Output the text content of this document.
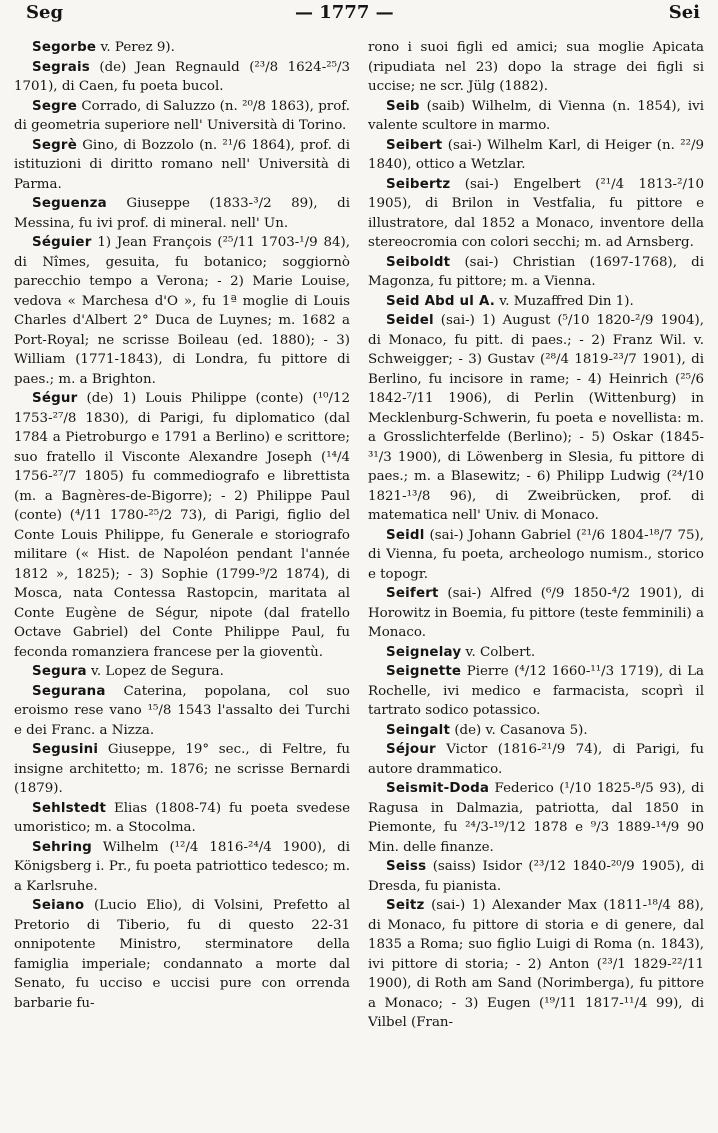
Seg	— 1777 —	Sei

Segorbe v. Perez 9).

Segrais (de) Jean Regnauld (²³/8 1624-²⁵/3 1701), di Caen, fu poeta bucol.

Segre Corrado, di Saluzzo (n. ²⁰/8 1863), prof. di geometria superiore nell' Università di Torino.

Segrè Gino, di Bozzolo (n. ²¹/6 1864), prof. di istituzioni di diritto romano nell' Università di Parma.

Seguenza Giuseppe (1833-³/2 89), di Messina, fu ivi prof. di mineral. nell' Un.

Séguier 1) Jean François (²⁵/11 1703-¹/9 84), di Nîmes, gesuita, fu botanico; soggiornò parecchio tempo a Verona; - 2) Marie Louise, vedova « Marchesa d'O », fu 1ª moglie di Louis Charles d'Albert 2° Duca de Luynes; m. 1682 a Port-Royal; ne scrisse Boileau (ed. 1880); - 3) William (1771-1843), di Londra, fu pittore di paes.; m. a Brighton.

Ségur (de) 1) Louis Philippe (conte) (¹⁰/12 1753-²⁷/8 1830), di Parigi, fu diplomatico (dal 1784 a Pietroburgo e 1791 a Berlino) e scrittore; suo fratello il Visconte Alexandre Joseph (¹⁴/4 1756-²⁷/7 1805) fu commediografo e librettista (m. a Bagnères-de-Bigorre); - 2) Philippe Paul (conte) (⁴/11 1780-²⁵/2 73), di Parigi, figlio del Conte Louis Philippe, fu Generale e storiografo militare (« Hist. de Napoléon pendant l'année 1812 », 1825); - 3) Sophie (1799-⁹/2 1874), di Mosca, nata Contessa Rastopcin, maritata al Conte Eugène de Ségur, nipote (dal fratello Octave Gabriel) del Conte Philippe Paul, fu feconda romanziera francese per la gioventù.

Segura v. Lopez de Segura.

Segurana Caterina, popolana, col suo eroismo rese vano ¹⁵/8 1543 l'assalto dei Turchi e dei Franc. a Nizza.

Segusini Giuseppe, 19° sec., di Feltre, fu insigne architetto; m. 1876; ne scrisse Bernardi (1879).

Sehlstedt Elias (1808-74) fu poeta svedese umoristico; m. a Stocolma.

Sehring Wilhelm (¹²/4 1816-²⁴/4 1900), di Königsberg i. Pr., fu poeta patriottico tedesco; m. a Karlsruhe.

Seiano (Lucio Elio), di Volsini, Prefetto al Pretorio di Tiberio, fu di questo 22-31 onnipotente Ministro, sterminatore della famiglia imperiale; condannato a morte dal Senato, fu ucciso e uccisi pure con orrenda barbarie fu-

rono i suoi figli ed amici; sua moglie Apicata (ripudiata nel 23) dopo la strage dei figli si uccise; ne scr. Jülg (1882).

Seib (saib) Wilhelm, di Vienna (n. 1854), ivi valente scultore in marmo.

Seibert (sai-) Wilhelm Karl, di Heiger (n. ²²/9 1840), ottico a Wetzlar.

Seibertz (sai-) Engelbert (²¹/4 1813-²/10 1905), di Brilon in Vestfalia, fu pittore e illustratore, dal 1852 a Monaco, inventore della stereocromia con colori secchi; m. ad Arnsberg.

Seiboldt (sai-) Christian (1697-1768), di Magonza, fu pittore; m. a Vienna.

Seid Abd ul A. v. Muzaffred Din 1).

Seidel (sai-) 1) August (⁵/10 1820-²/9 1904), di Monaco, fu pitt. di paes.; - 2) Franz Wil. v. Schweigger; - 3) Gustav (²⁸/4 1819-²³/7 1901), di Berlino, fu incisore in rame; - 4) Heinrich (²⁵/6 1842-⁷/11 1906), di Perlin (Wittenburg) in Mecklenburg-Schwerin, fu poeta e novellista: m. a Grosslichterfelde (Berlino); - 5) Oskar (1845-³¹/3 1900), di Löwenberg in Slesia, fu pittore di paes.; m. a Blasewitz; - 6) Philipp Ludwig (²⁴/10 1821-¹³/8 96), di Zweibrücken, prof. di matematica nell' Univ. di Monaco.

Seidl (sai-) Johann Gabriel (²¹/6 1804-¹⁸/7 75), di Vienna, fu poeta, archeologo numism., storico e topogr.

Seifert (sai-) Alfred (⁶/9 1850-⁴/2 1901), di Horowitz in Boemia, fu pittore (teste femminili) a Monaco.

Seignelay v. Colbert.

Seignette Pierre (⁴/12 1660-¹¹/3 1719), di La Rochelle, ivi medico e farmacista, scoprì il tartrato sodico potassico.

Seingalt (de) v. Casanova 5).

Séjour Victor (1816-²¹/9 74), di Parigi, fu autore drammatico.

Seismit-Doda Federico (¹/10 1825-⁸/5 93), di Ragusa in Dalmazia, patriotta, dal 1850 in Piemonte, fu ²⁴/3-¹⁹/12 1878 e ⁹/3 1889-¹⁴/9 90 Min. delle finanze.

Seiss (saiss) Isidor (²³/12 1840-²⁰/9 1905), di Dresda, fu pianista.

Seitz (sai-) 1) Alexander Max (1811-¹⁸/4 88), di Monaco, fu pittore di storia e di genere, dal 1835 a Roma; suo figlio Luigi di Roma (n. 1843), ivi pittore di storia; - 2) Anton (²³/1 1829-²²/11 1900), di Roth am Sand (Norimberga), fu pittore a Monaco; - 3) Eugen (¹⁹/11 1817-¹¹/4 99), di Vilbel (Fran-
